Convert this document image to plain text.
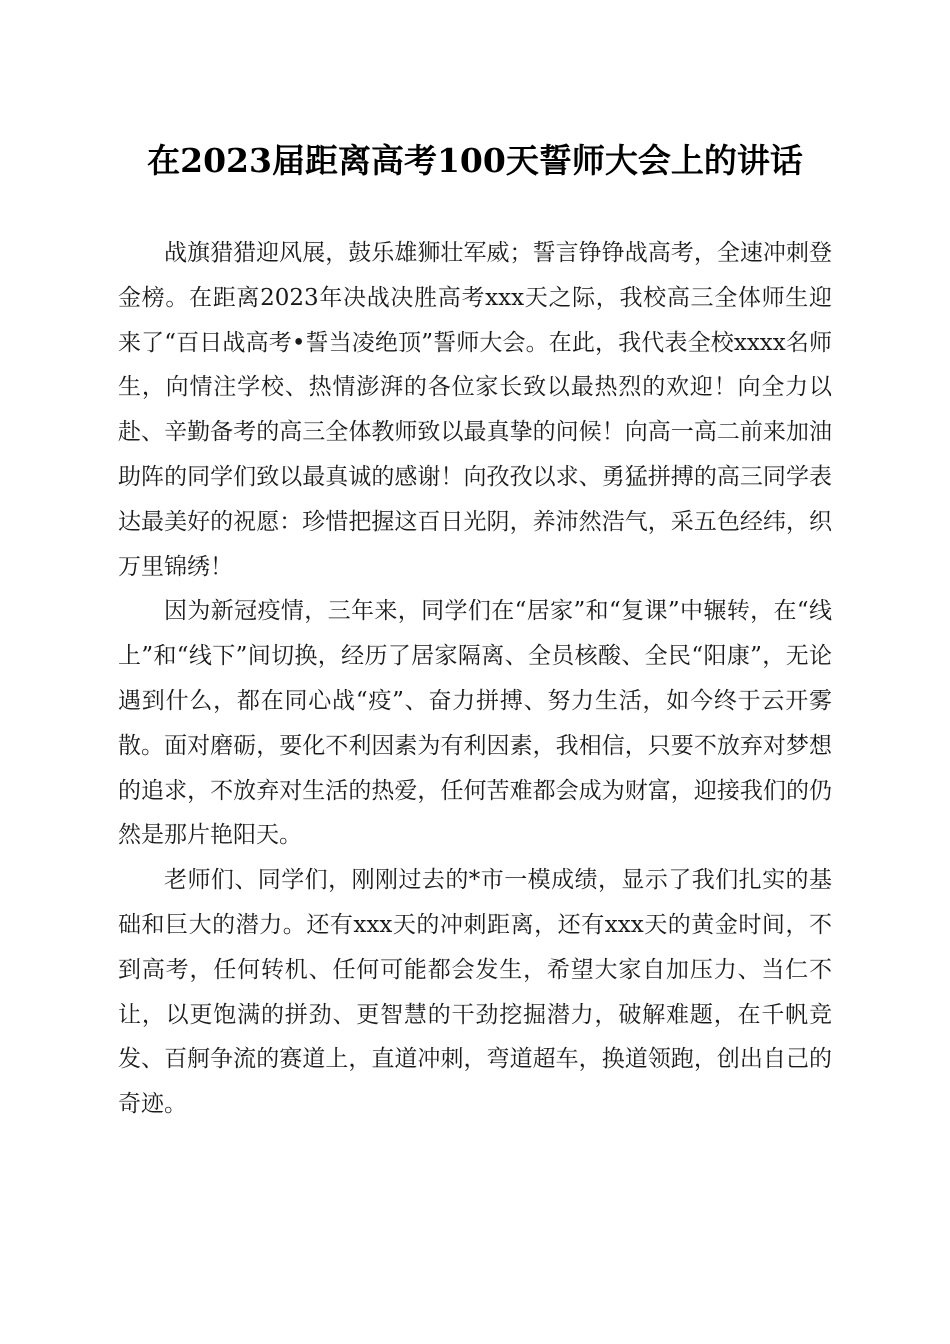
在2023届距离高考100天誓师大会上的讲话

战旗猎猎迎风展，鼓乐雄狮壮军威；誓言铮铮战高考，全速冲刺登金榜。在距离2023年决战决胜高考xxx天之际，我校高三全体师生迎来了“百日战高考•誓当凌绝顶”誓师大会。在此，我代表全校xxxx名师生，向情注学校、热情澎湃的各位家长致以最热烈的欢迎！向全力以赴、辛勤备考的高三全体教师致以最真挚的问候！向高一高二前来加油助阵的同学们致以最真诚的感谢！向孜孜以求、勇猛拼搏的高三同学表达最美好的祝愿：珍惜把握这百日光阴，养沛然浩气，采五色经纬，织万里锦绣！

因为新冠疫情，三年来，同学们在“居家”和“复课”中辗转，在“线上”和“线下”间切换，经历了居家隔离、全员核酸、全民“阳康”，无论遇到什么，都在同心战“疫”、奋力拼搏、努力生活，如今终于云开雾散。面对磨砺，要化不利因素为有利因素，我相信，只要不放弃对梦想的追求，不放弃对生活的热爱，任何苦难都会成为财富，迎接我们的仍然是那片艳阳天。

老师们、同学们，刚刚过去的*市一模成绩，显示了我们扎实的基础和巨大的潜力。还有xxx天的冲刺距离，还有xxx天的黄金时间，不到高考，任何转机、任何可能都会发生，希望大家自加压力、当仁不让，以更饱满的拼劲、更智慧的干劲挖掘潜力，破解难题，在千帆竞发、百舸争流的赛道上，直道冲刺，弯道超车，换道领跑，创出自己的奇迹。
